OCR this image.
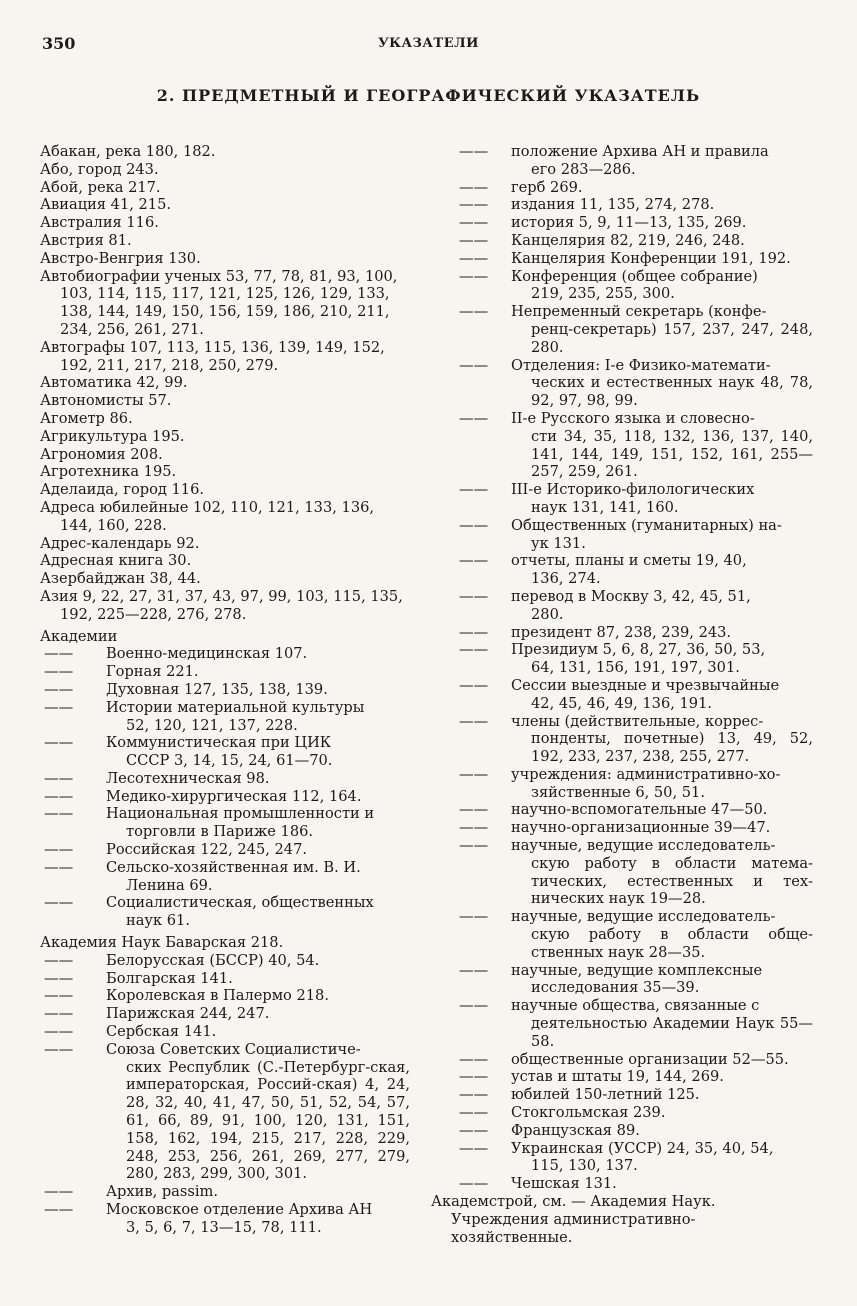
350	УКАЗАТЕЛИ
2. ПРЕДМЕТНЫЙ И ГЕОГРАФИЧЕСКИЙ УКАЗАТЕЛЬ
Абакан, река 180, 182.
Або, город 243.
Абой, река 217.
Авиация 41, 215.
Австралия 116.
Австрия 81.
Австро-Венгрия 130.
Автобиографии ученых 53, 77, 78, 81, 93, 100, 103, 114, 115, 117, 121, 125, 126, 129, 133, 138, 144, 149, 150, 156, 159, 186, 210, 211, 234, 256, 261, 271.
Автографы 107, 113, 115, 136, 139, 149, 152, 192, 211, 217, 218, 250, 279.
Автоматика 42, 99.
Автономисты 57.
Агометр 86.
Агрикультура 195.
Агрономия 208.
Агротехника 195.
Аделаида, город 116.
Адреса юбилейные 102, 110, 121, 133, 136, 144, 160, 228.
Адрес-календарь 92.
Адресная книга 30.
Азербайджан 38, 44.
Азия 9, 22, 27, 31, 37, 43, 97, 99, 103, 115, 135, 192, 225—228, 276, 278.
Академии
——	Военно-медицинская 107.
——	Горная 221.
——	Духовная 127, 135, 138, 139.
——	Истории материальной культуры
52, 120, 121, 137, 228.
——	Коммунистическая при ЦИК
СССР 3, 14, 15, 24, 61—70.
——	Лесотехническая 98.
——	Медико-хирургическая 112, 164.
——	Национальная промышленности и
торговли в Париже 186.
——	Российская 122, 245, 247.
——	Сельско-хозяйственная им. В. И.
Ленина 69.
——	Социалистическая, общественных
наук 61.
Академия Наук Баварская 218.
——	Белорусская (БССР) 40, 54.
——	Болгарская 141.
——	Королевская в Палермо 218.
——	Парижская 244, 247.
——	Сербская 141.
——	Союза Советских Социалистиче-
ских Республик (С.-Петербург-ская, императорская, Россий-ская) 4, 24, 28, 32, 40, 41, 47, 50, 51, 52, 54, 57, 61, 66, 89, 91, 100, 120, 131, 151, 158, 162, 194, 215, 217, 228, 229, 248, 253, 256, 261, 269, 277, 279, 280, 283, 299, 300, 301.
——	Архив, passim.
——	Московское отделение Архива АН
3, 5, 6, 7, 13—15, 78, 111.
——	положение Архива АН и правила
его 283—286.
——	герб 269.
——	издания 11, 135, 274, 278.
——	история 5, 9, 11—13, 135, 269.
——	Канцелярия 82, 219, 246, 248.
——	Канцелярия Конференции 191, 192.
——	Конференция (общее собрание)
219, 235, 255, 300.
——	Непременный секретарь (конфе-
ренц-секретарь) 157, 237, 247, 248, 280.
——	Отделения: I-е Физико-математи-
ческих и естественных наук 48, 78, 92, 97, 98, 99.
——	II-е Русского языка и словесно-
сти 34, 35, 118, 132, 136, 137, 140, 141, 144, 149, 151, 152, 161, 255—257, 259, 261.
——	III-е Историко-филологических
наук 131, 141, 160.
——	Общественных (гуманитарных) на-
ук 131.
——	отчеты, планы и сметы 19, 40,
136, 274.
——	перевод в Москву 3, 42, 45, 51,
280.
——	президент 87, 238, 239, 243.
——	Президиум 5, 6, 8, 27, 36, 50, 53,
64, 131, 156, 191, 197, 301.
——	Сессии выездные и чрезвычайные
42, 45, 46, 49, 136, 191.
——	члены (действительные, коррес-
понденты, почетные) 13, 49, 52, 192, 233, 237, 238, 255, 277.
——	учреждения: административно-хо-
зяйственные 6, 50, 51.
——	научно-вспомогательные 47—50.
——	научно-организационные 39—47.
——	научные, ведущие исследователь-
скую работу в области матема-тических, естественных и тех-нических наук 19—28.
——	научные, ведущие исследователь-
скую работу в области обще-ственных наук 28—35.
——	научные, ведущие комплексные
исследования 35—39.
——	научные общества, связанные с
деятельностью Академии Наук 55—58.
——	общественные организации 52—55.
——	устав и штаты 19, 144, 269.
——	юбилей 150-летний 125.
——	Стокгольмская 239.
——	Французская 89.
——	Украинская (УССР) 24, 35, 40, 54,
115, 130, 137.
——	Чешская 131.
Академстрой, см. — Академия Наук. Учреждения административно-хозяйственные.
